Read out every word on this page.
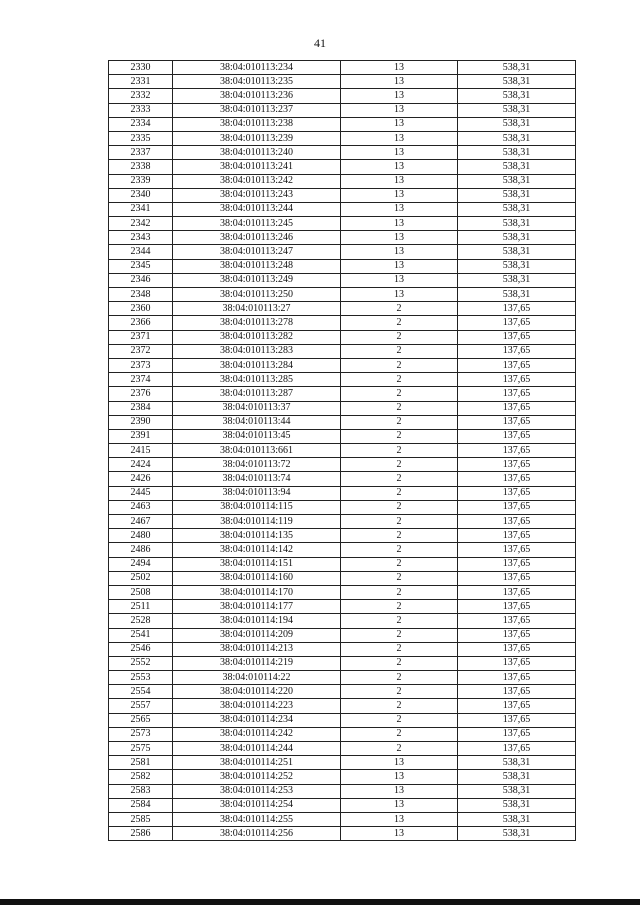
41
2330	38:04:010113:234	13	538,31
2331	38:04:010113:235	13	538,31
2332	38:04:010113:236	13	538,31
2333	38:04:010113:237	13	538,31
2334	38:04:010113:238	13	538,31
2335	38:04:010113:239	13	538,31
2337	38:04:010113:240	13	538,31
2338	38:04:010113:241	13	538,31
2339	38:04:010113:242	13	538,31
2340	38:04:010113:243	13	538,31
2341	38:04:010113:244	13	538,31
2342	38:04:010113:245	13	538,31
2343	38:04:010113:246	13	538,31
2344	38:04:010113:247	13	538,31
2345	38:04:010113:248	13	538,31
2346	38:04:010113:249	13	538,31
2348	38:04:010113:250	13	538,31
2360	38:04:010113:27	2	137,65
2366	38:04:010113:278	2	137,65
2371	38:04:010113:282	2	137,65
2372	38:04:010113:283	2	137,65
2373	38:04:010113:284	2	137,65
2374	38:04:010113:285	2	137,65
2376	38:04:010113:287	2	137,65
2384	38:04:010113:37	2	137,65
2390	38:04:010113:44	2	137,65
2391	38:04:010113:45	2	137,65
2415	38:04:010113:661	2	137,65
2424	38:04:010113:72	2	137,65
2426	38:04:010113:74	2	137,65
2445	38:04:010113:94	2	137,65
2463	38:04:010114:115	2	137,65
2467	38:04:010114:119	2	137,65
2480	38:04:010114:135	2	137,65
2486	38:04:010114:142	2	137,65
2494	38:04:010114:151	2	137,65
2502	38:04:010114:160	2	137,65
2508	38:04:010114:170	2	137,65
2511	38:04:010114:177	2	137,65
2528	38:04:010114:194	2	137,65
2541	38:04:010114:209	2	137,65
2546	38:04:010114:213	2	137,65
2552	38:04:010114:219	2	137,65
2553	38:04:010114:22	2	137,65
2554	38:04:010114:220	2	137,65
2557	38:04:010114:223	2	137,65
2565	38:04:010114:234	2	137,65
2573	38:04:010114:242	2	137,65
2575	38:04:010114:244	2	137,65
2581	38:04:010114:251	13	538,31
2582	38:04:010114:252	13	538,31
2583	38:04:010114:253	13	538,31
2584	38:04:010114:254	13	538,31
2585	38:04:010114:255	13	538,31
2586	38:04:010114:256	13	538,31
